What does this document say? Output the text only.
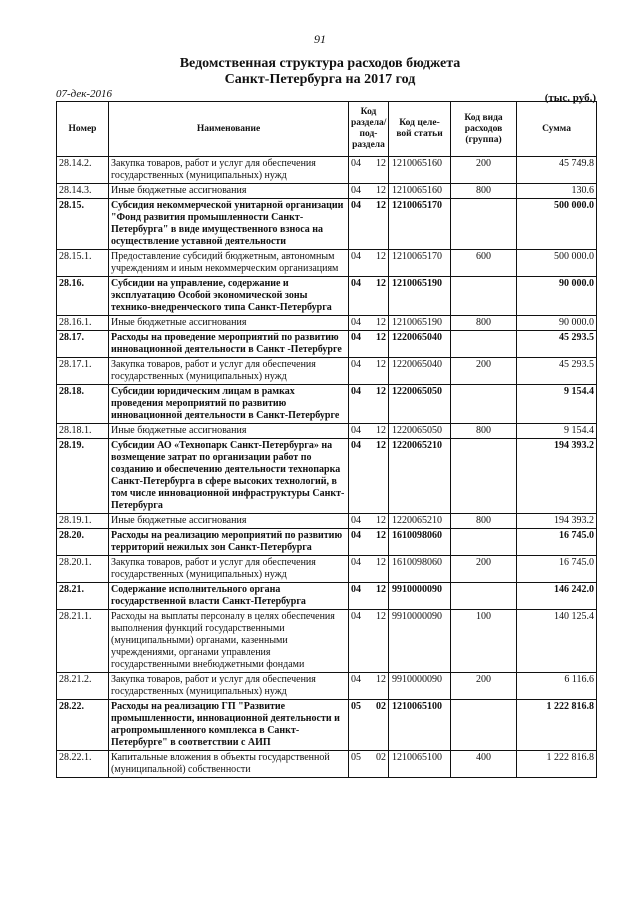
91
Ведомственная структура расходов бюджета
Санкт-Петербурга на 2017 год
07-дек-2016	(тыс. руб.)
Номер	Наименование	Код раздела/ под- раздела		Код целе- вой статьи	Код вида расходов (группа)	Сумма
28.14.2.	Закупка товаров, работ и услуг для обеспечения государственных (муниципальных) нужд	04	12	1210065160	200	45 749.8
28.14.3.	Иные бюджетные ассигнования	04	12	1210065160	800	130.6
28.15.	Субсидия некоммерческой унитарной организации "Фонд развития промышленности Санкт-Петербурга" в виде имущественного взноса на осуществление уставной деятельности	04	12	1210065170		500 000.0
28.15.1.	Предоставление субсидий бюджетным, автономным учреждениям и иным некоммерческим организациям	04	12	1210065170	600	500 000.0
28.16.	Субсидии на управление, содержание и эксплуатацию Особой экономической зоны технико-внедренческого типа Санкт-Петербурга	04	12	1210065190		90 000.0
28.16.1.	Иные бюджетные ассигнования	04	12	1210065190	800	90 000.0
28.17.	Расходы на проведение мероприятий по развитию инновационной деятельности в Санкт -Петербурге	04	12	1220065040		45 293.5
28.17.1.	Закупка товаров, работ и услуг для обеспечения государственных (муниципальных) нужд	04	12	1220065040	200	45 293.5
28.18.	Субсидии юридическим лицам в рамках проведения мероприятий по развитию инновационной деятельности в Санкт-Петербурге	04	12	1220065050		9 154.4
28.18.1.	Иные бюджетные ассигнования	04	12	1220065050	800	9 154.4
28.19.	Субсидии АО «Технопарк Санкт-Петербурга» на возмещение затрат по организации работ по созданию и обеспечению деятельности технопарка Санкт-Петербурга в сфере высоких технологий, в том числе инновационной инфраструктуры Санкт-Петербурга	04	12	1220065210		194 393.2
28.19.1.	Иные бюджетные ассигнования	04	12	1220065210	800	194 393.2
28.20.	Расходы на реализацию мероприятий по развитию территорий нежилых зон Санкт-Петербурга	04	12	1610098060		16 745.0
28.20.1.	Закупка товаров, работ и услуг для обеспечения государственных (муниципальных) нужд	04	12	1610098060	200	16 745.0
28.21.	Содержание исполнительного органа государственной власти Санкт-Петербурга	04	12	9910000090		146 242.0
28.21.1.	Расходы на выплаты персоналу в целях обеспечения выполнения функций государственными (муниципальными) органами, казенными учреждениями, органами управления государственными внебюджетными фондами	04	12	9910000090	100	140 125.4
28.21.2.	Закупка товаров, работ и услуг для обеспечения государственных (муниципальных) нужд	04	12	9910000090	200	6 116.6
28.22.	Расходы на реализацию ГП "Развитие промышленности, инновационной деятельности и агропромышленного комплекса в Санкт-Петербурге" в соответствии с АИП	05	02	1210065100		1 222 816.8
28.22.1.	Капитальные вложения в объекты государственной (муниципальной) собственности	05	02	1210065100	400	1 222 816.8
